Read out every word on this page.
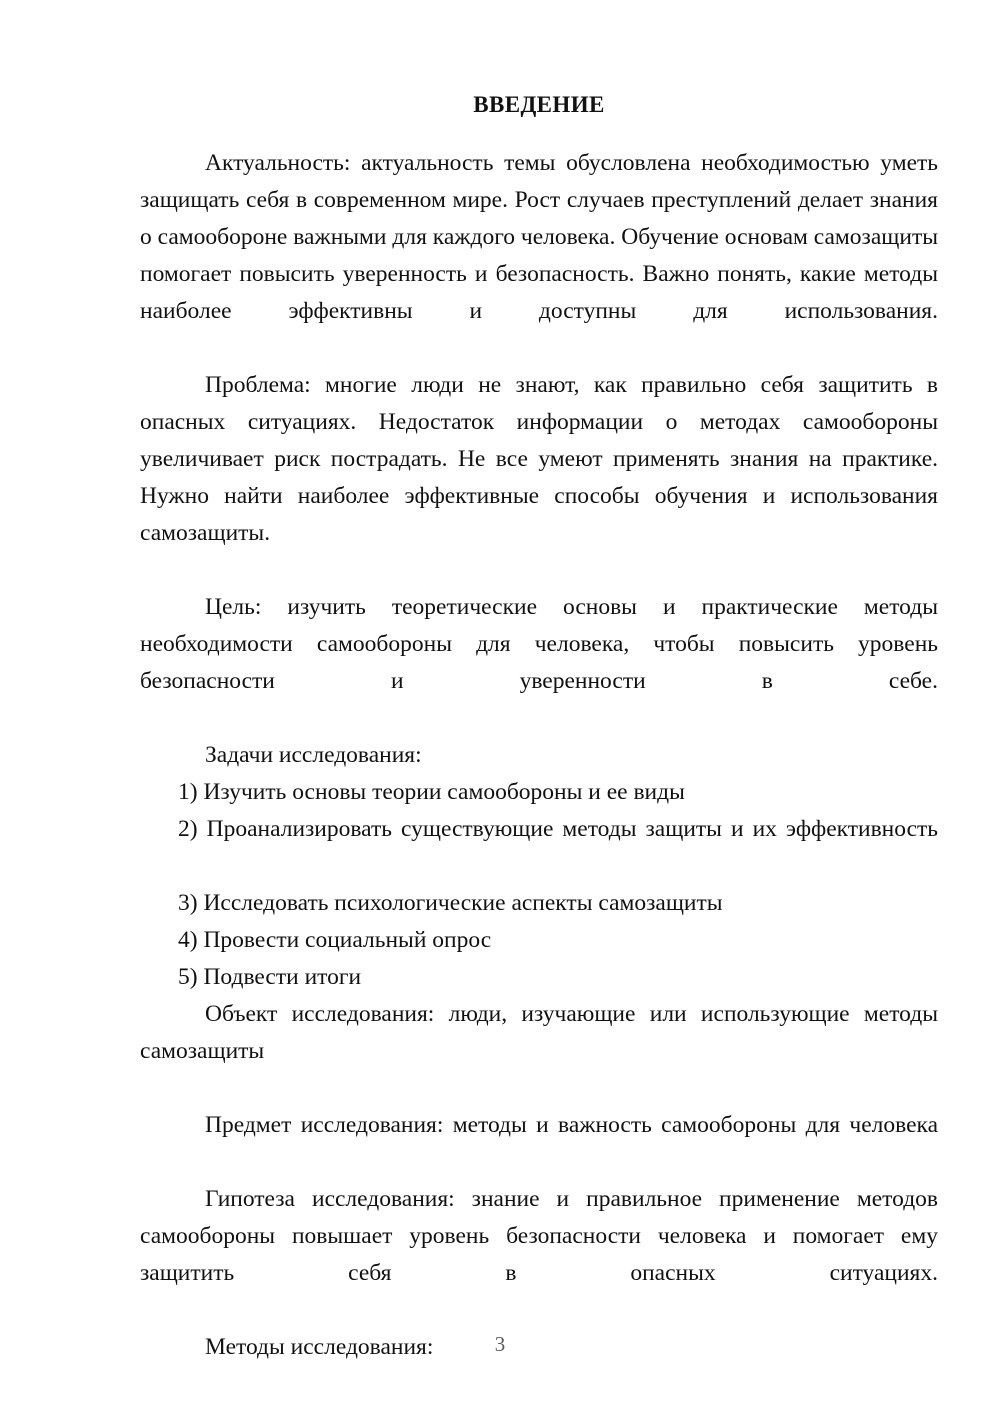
ВВЕДЕНИЕ

Актуальность: актуальность темы обусловлена необходимостью уметь защищать себя в современном мире. Рост случаев преступлений делает знания о самообороне важными для каждого человека. Обучение основам самозащиты помогает повысить уверенность и безопасность. Важно понять, какие методы наиболее эффективны и доступны для использования.

Проблема: многие люди не знают, как правильно себя защитить в опасных ситуациях. Недостаток информации о методах самообороны увеличивает риск пострадать. Не все умеют применять знания на практике. Нужно найти наиболее эффективные способы обучения и использования самозащиты.

Цель: изучить теоретические основы и практические методы необходимости самообороны для человека, чтобы повысить уровень безопасности и уверенности в себе.

Задачи исследования:

1) Изучить основы теории самообороны и ее виды

2) Проанализировать существующие методы защиты и их эффективность

3) Исследовать психологические аспекты самозащиты

4) Провести социальный опрос

5) Подвести итоги

Объект исследования: люди, изучающие или использующие методы самозащиты

Предмет исследования: методы и важность самообороны для человека

Гипотеза исследования: знание и правильное применение методов самообороны повышает уровень безопасности человека и помогает ему защитить себя в опасных ситуациях.

Методы исследования:	3
